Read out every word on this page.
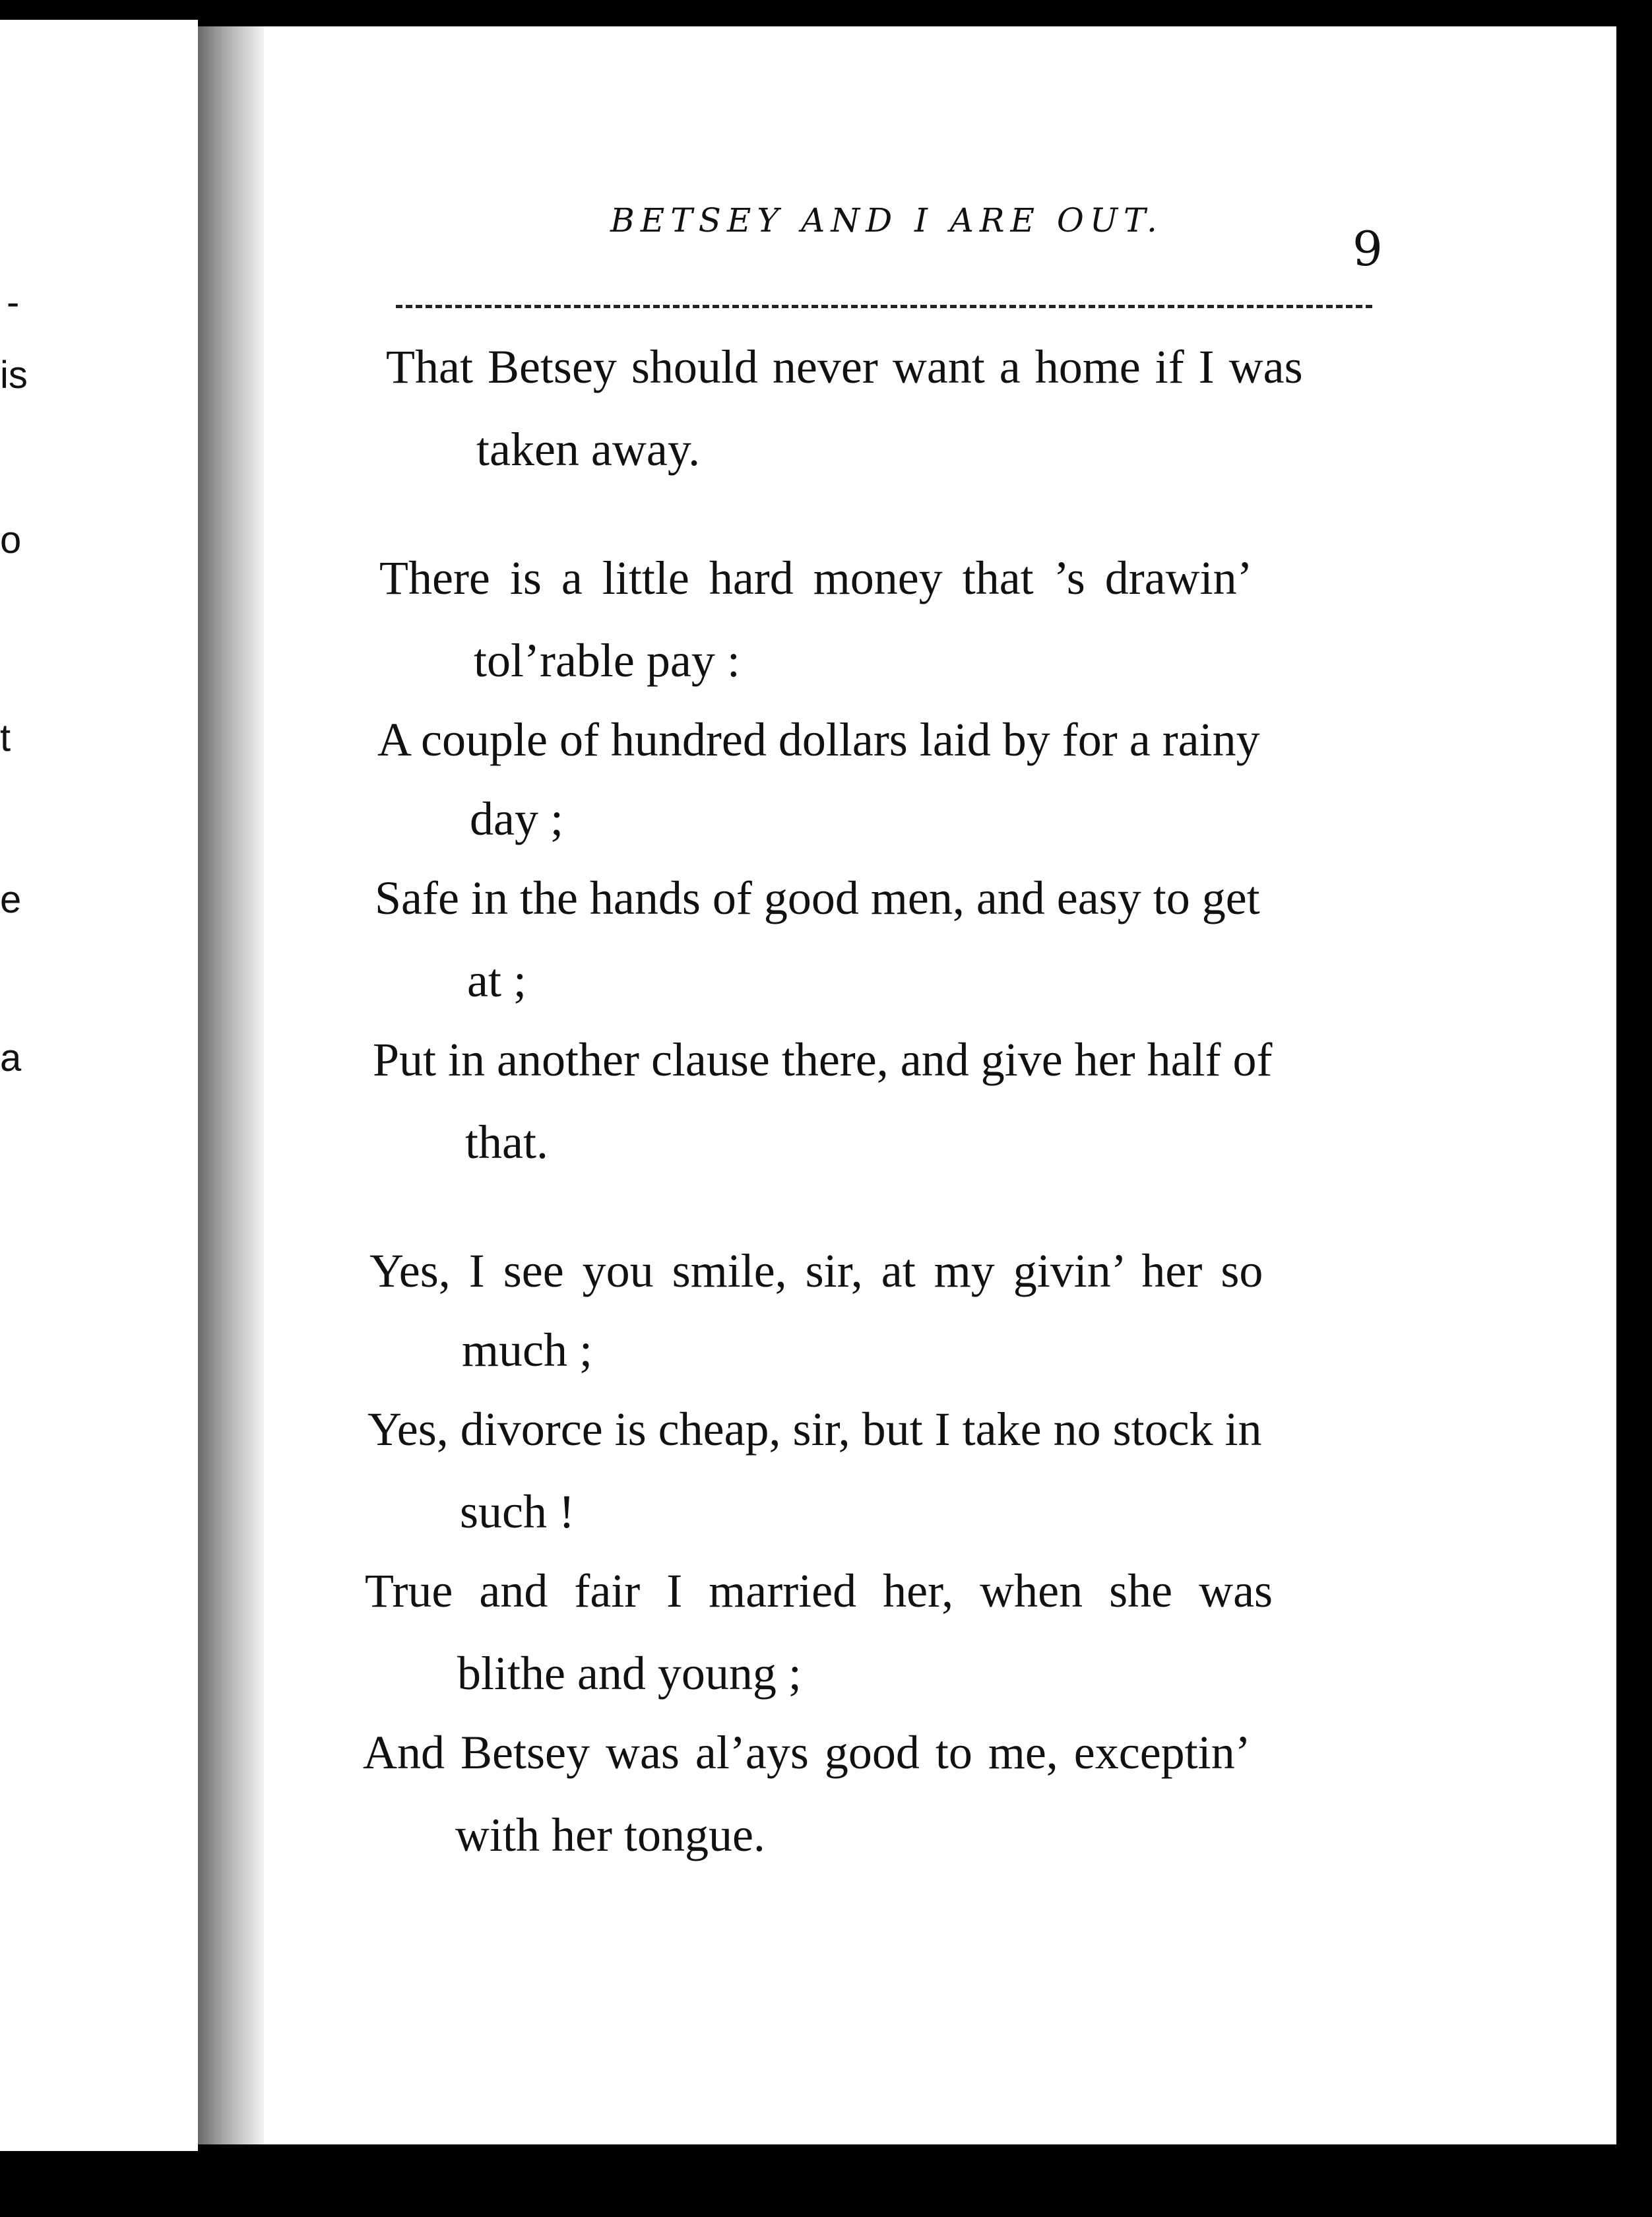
-
is
o
t
e
a
BETSEY AND I ARE OUT.
9
That Betsey should never want a home if I was
taken away.
There is a little hard money that ’s drawin’
tol’rable pay :
A couple of hundred dollars laid by for a rainy
day ;
Safe in the hands of good men, and easy to get
at ;
Put in another clause there, and give her half of
that.
Yes, I see you smile, sir, at my givin’ her so
much ;
Yes, divorce is cheap, sir, but I take no stock in
such !
True and fair I married her, when she was
blithe and young ;
And Betsey was al’ays good to me, exceptin’
with her tongue.
